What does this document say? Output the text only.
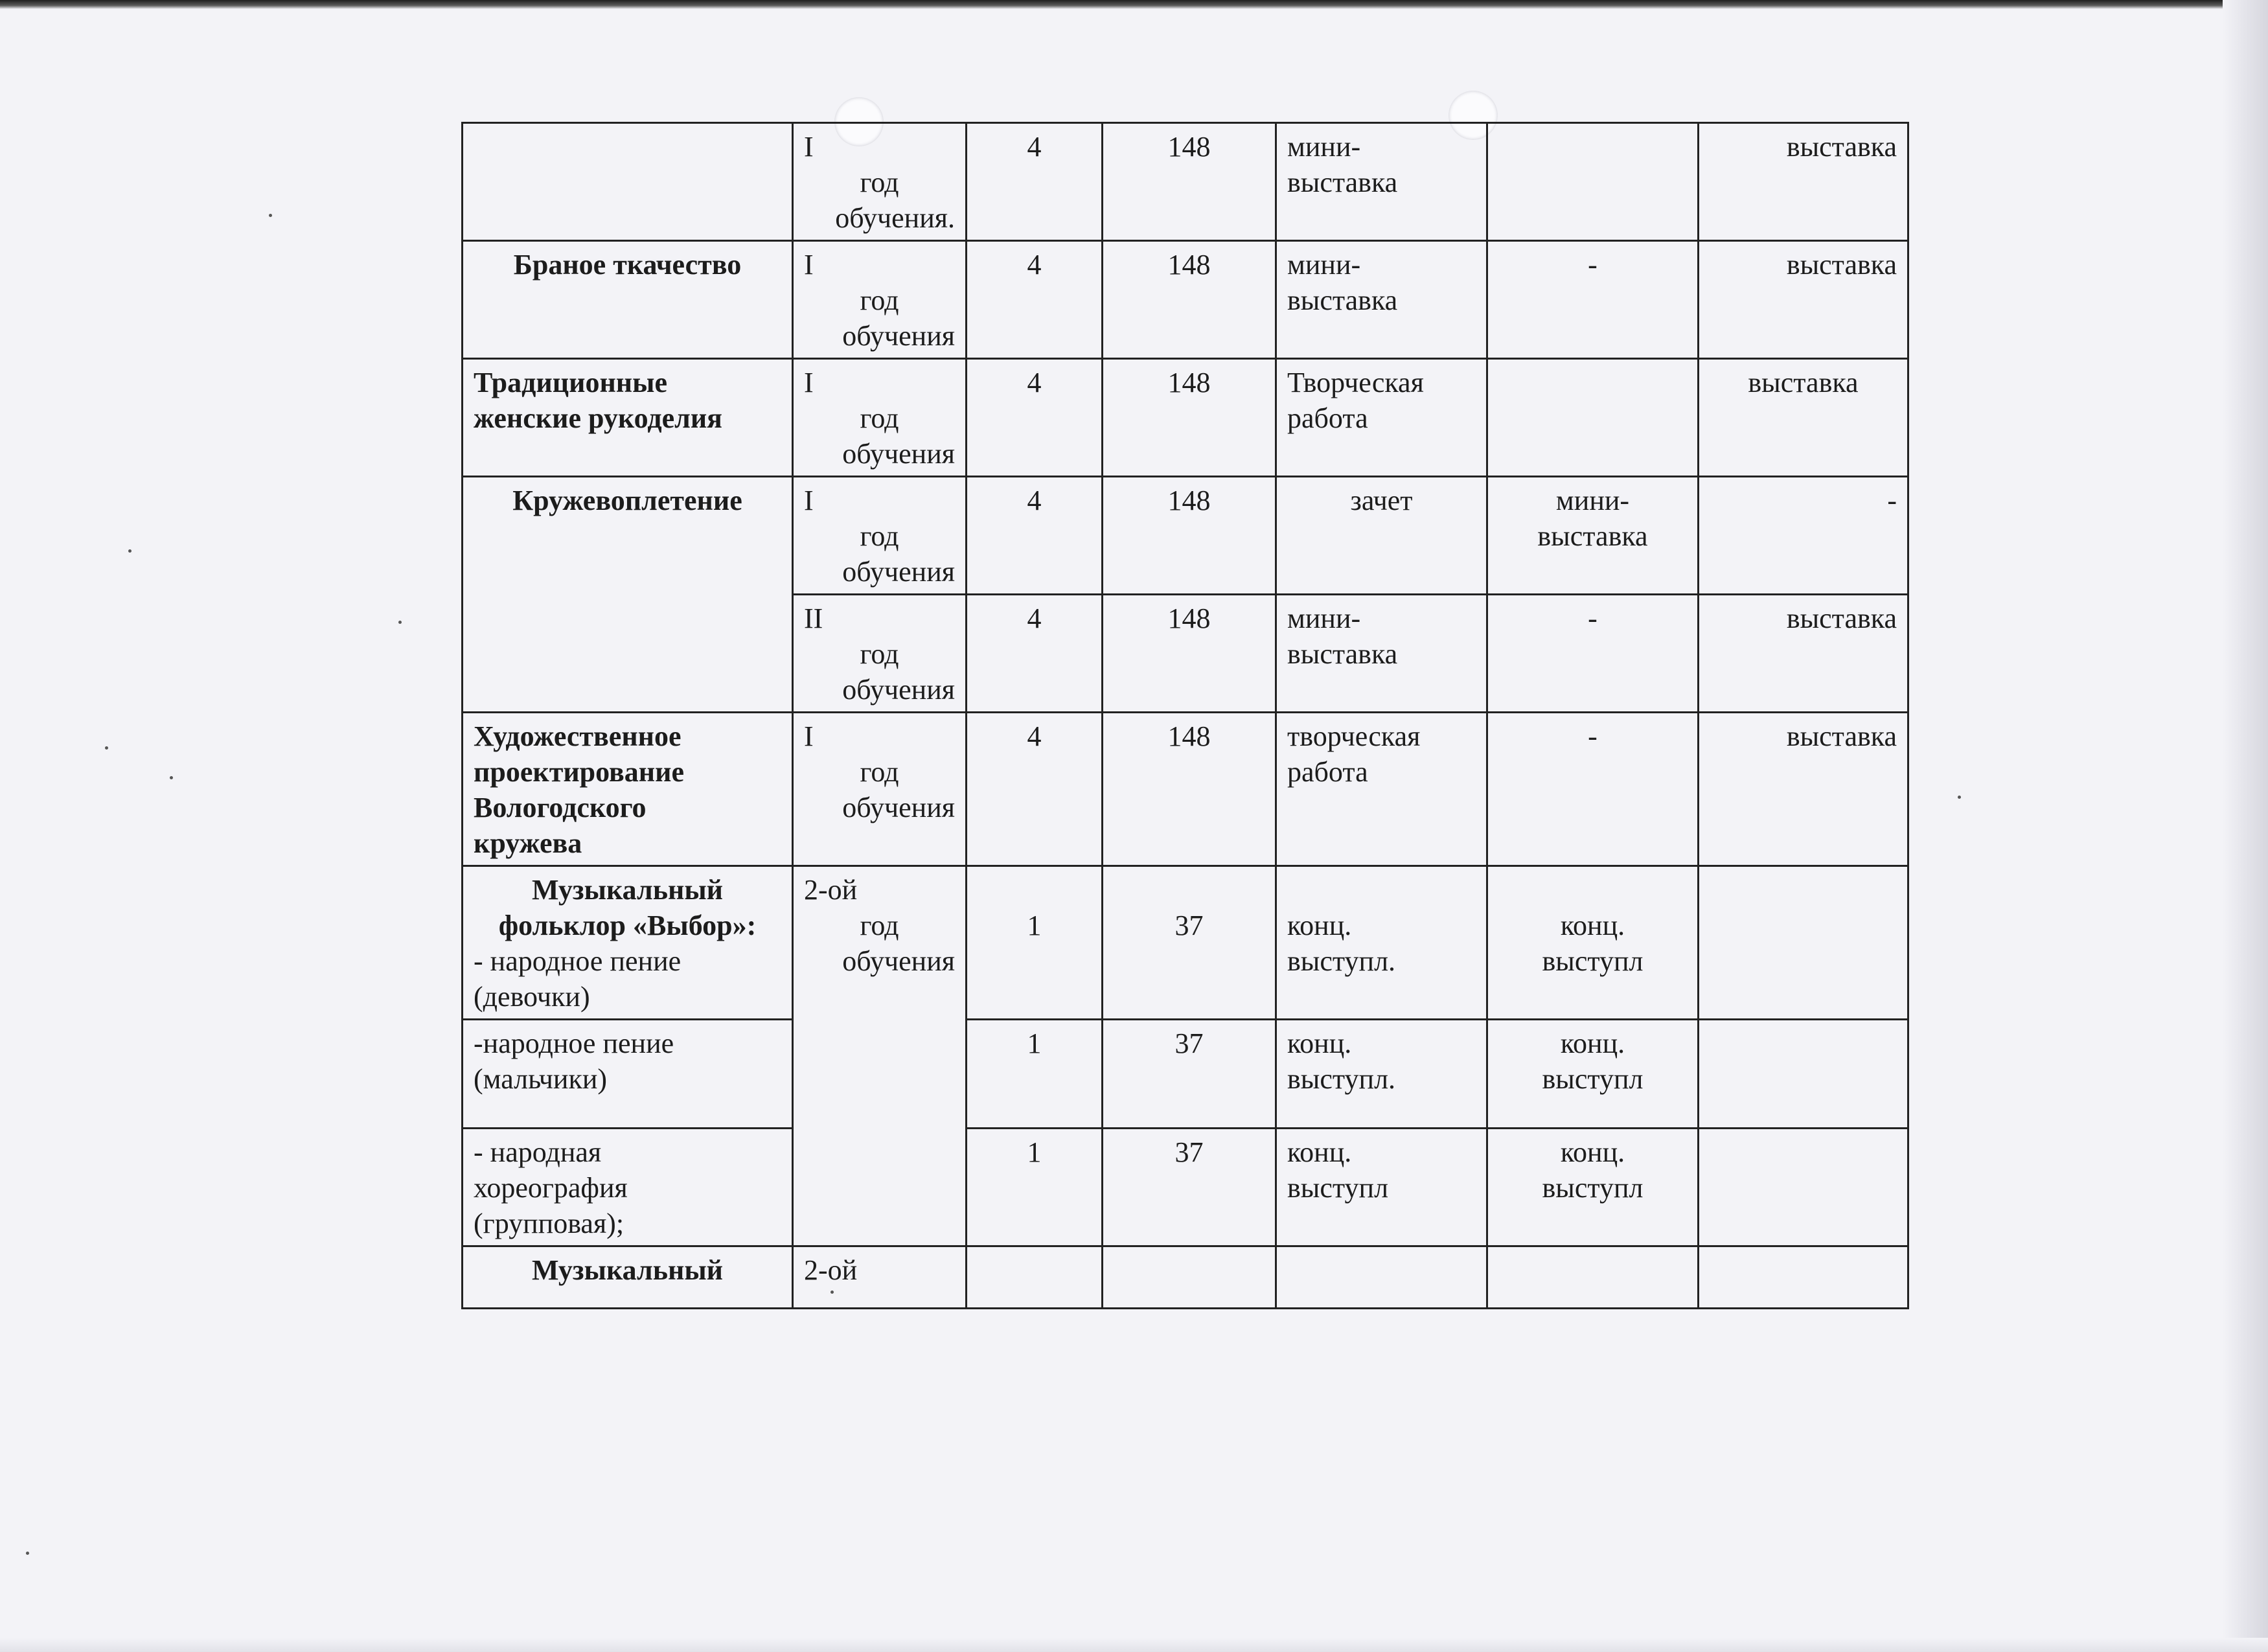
	I
год
обучения.	4	148	мини-
выставка		выставка

Браное ткачество	I
год
обучения	4	148	мини-
выставка	-	выставка

Традиционные
женские рукоделия	I
год
обучения	4	148	Творческая
работа		выставка

Кружевоплетение	I
год
обучения	4	148	зачет	мини-
выставка	-

	II
год
обучения	4	148	мини-
выставка	-	выставка

Художественное
проектирование
Вологодского
кружева	I
год
обучения	4	148	творческая
работа	-	выставка

Музыкальный
фольклор «Выбор»:
- народное пение
(девочки)	2-ой
год
обучения	1	37	конц.
выступл.	конц.
выступл	

-народное пение
(мальчики)		1	37	конц.
выступл.	конц.
выступл	

- народная
хореография
(групповая);		1	37	конц.
выступл	конц.
выступл	

Музыкальный	2-ой					
